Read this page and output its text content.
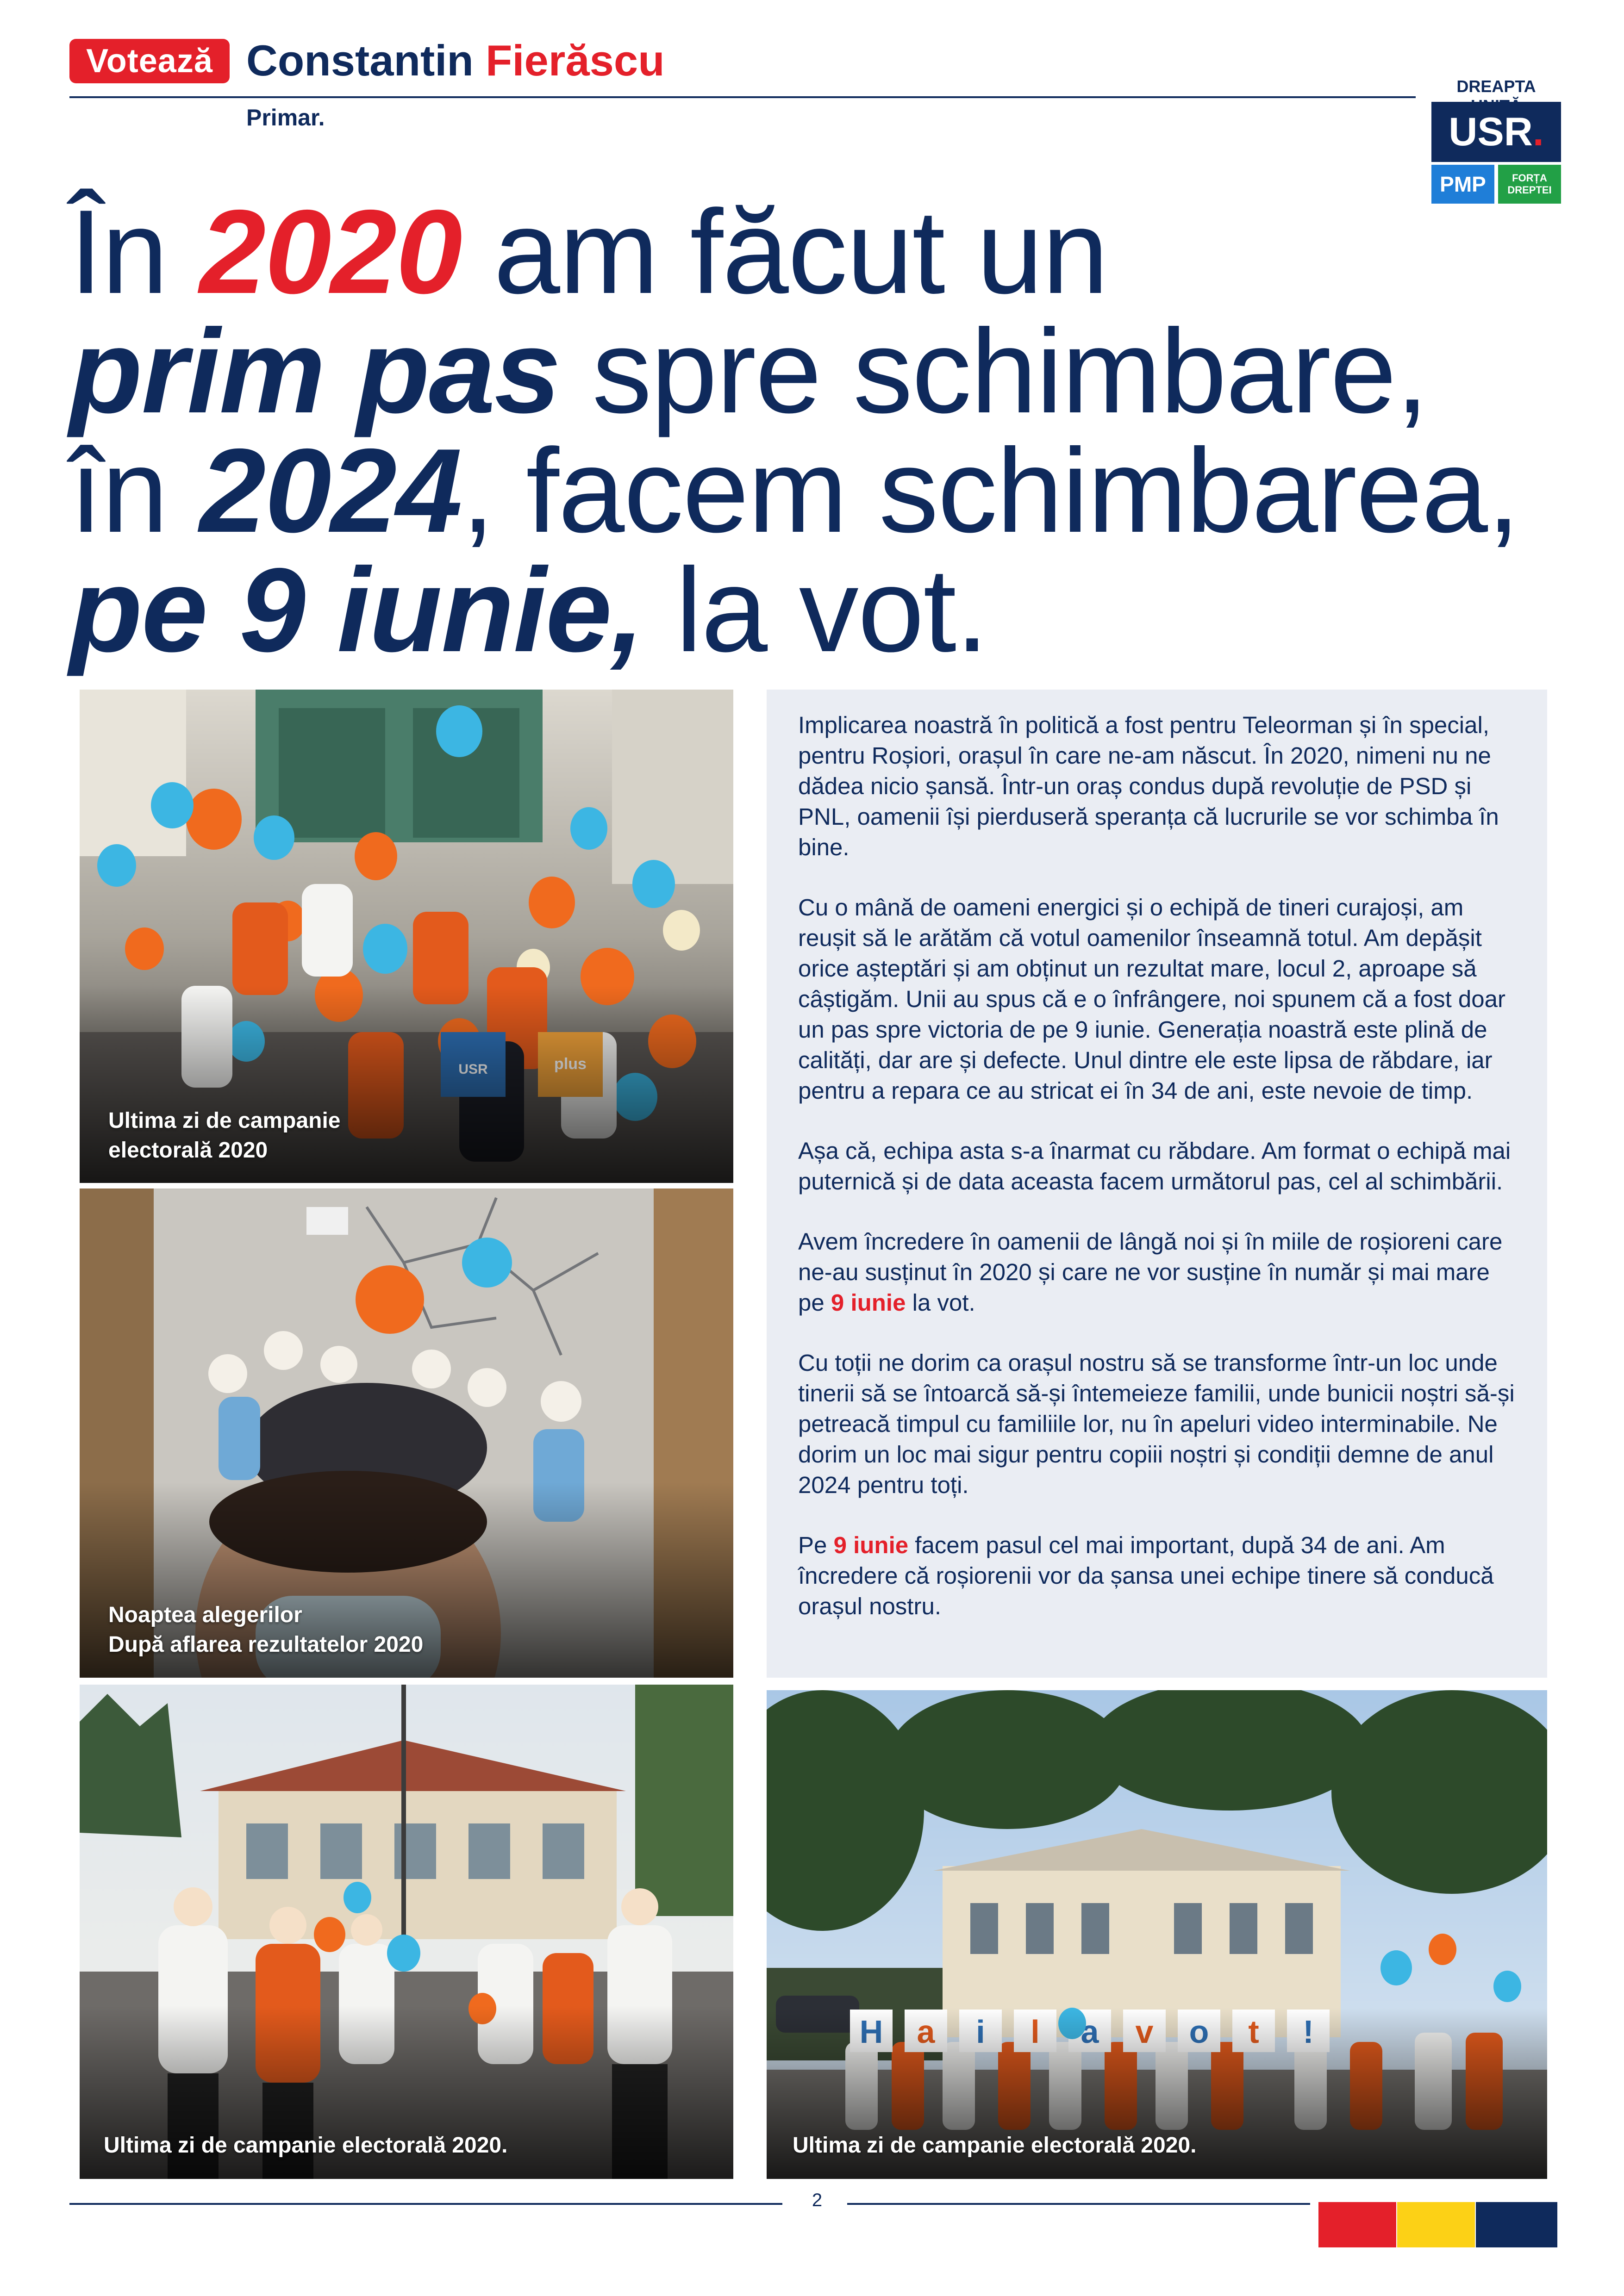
Votează Constantin Fierăscu
Primar.
DREAPTA
USR.
PMP	FORȚA
DREPTEI
În 2020 am făcut un
prim pas spre schimbare,
în 2024, facem schimbarea,
pe 9 iunie, la vot.
Ultima zi de campanie
electorală 2020
Noaptea alegerilor
După aflarea rezultatelor 2020
Ultima zi de campanie electorală 2020.

Implicarea noastră în politică a fost pentru Teleorman și în special, pentru Roșiori, orașul în care ne-am născut. În 2020, nimeni nu ne dădea nicio șansă. Într-un oraș condus după revoluție de PSD și PNL, oamenii își pierduseră speranța că lucrurile se vor schimba în bine.

Cu o mână de oameni energici și o echipă de tineri curajoși, am reușit să le arătăm că votul oamenilor înseamnă totul. Am depășit orice așteptări și am obținut un rezultat mare, locul 2, aproape să câștigăm. Unii au spus că e o înfrângere, noi spunem că a fost doar un pas spre victoria de pe 9 iunie. Generația noastră este plină de calități, dar are și defecte. Unul dintre ele este lipsa de răbdare, iar pentru a repara ce au stricat ei în 34 de ani, este nevoie de timp.

Așa că, echipa asta s-a înarmat cu răbdare. Am format o echipă mai puternică și de data aceasta facem următorul pas, cel al schimbării.

Avem încredere în oamenii de lângă noi și în miile de roșioreni care ne-au susținut în 2020 și care ne vor susține în număr și mai mare pe 9 iunie la vot.

Cu toții ne dorim ca orașul nostru să se transforme într-un loc unde tinerii să se întoarcă să-și întemeieze familii, unde bunicii noștri să-și petreacă timpul cu familiile lor, nu în apeluri video interminabile. Ne dorim un loc mai sigur pentru copiii noștri și condiții demne de anul 2024 pentru toți.

Pe 9 iunie facem pasul cel mai important, după 34 de ani. Am încredere că roșiorenii vor da șansa unei echipe tinere să conducă orașul nostru.

Ultima zi de campanie electorală 2020.
2
